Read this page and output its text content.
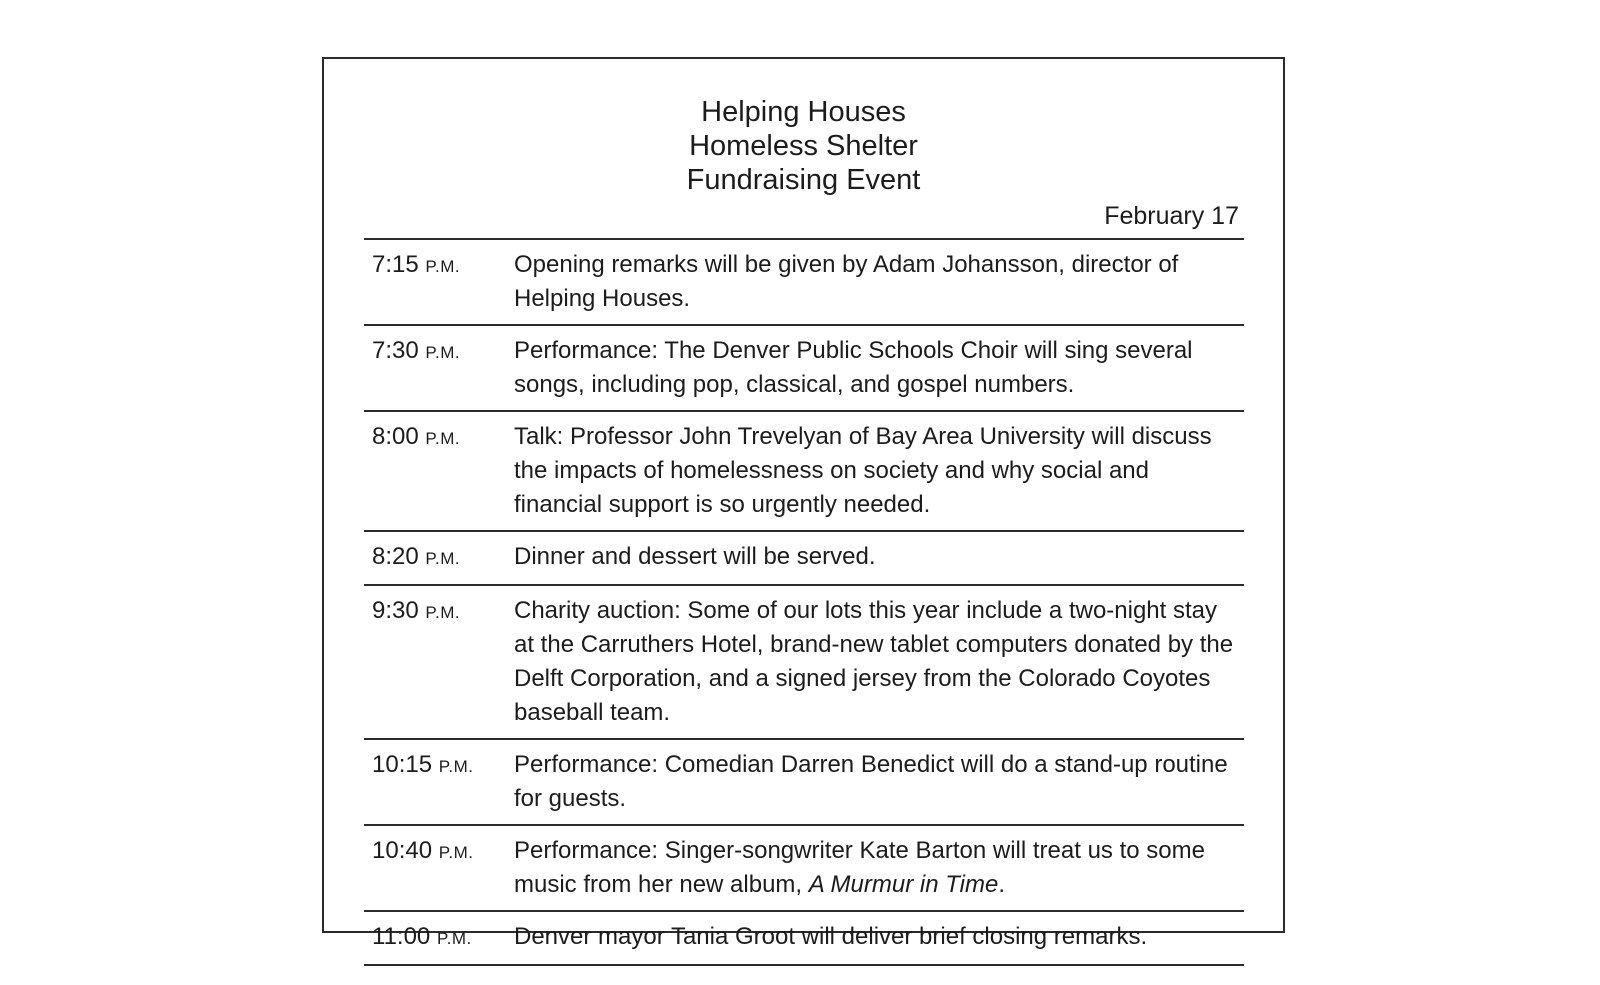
Helping Houses
Homeless Shelter
Fundraising Event
February 17
7:15 P.M.	Opening remarks will be given by Adam Johansson, director of Helping Houses.
7:30 P.M.	Performance: The Denver Public Schools Choir will sing several songs, including pop, classical, and gospel numbers.
8:00 P.M.	Talk: Professor John Trevelyan of Bay Area University will discuss the impacts of homelessness on society and why social and financial support is so urgently needed.
8:20 P.M.	Dinner and dessert will be served.
9:30 P.M.	Charity auction: Some of our lots this year include a two-night stay at the Carruthers Hotel, brand-new tablet computers donated by the Delft Corporation, and a signed jersey from the Colorado Coyotes baseball team.
10:15 P.M.	Performance: Comedian Darren Benedict will do a stand-up routine for guests.
10:40 P.M.	Performance: Singer-songwriter Kate Barton will treat us to some music from her new album, A Murmur in Time.
11:00 P.M.	Denver mayor Tania Groot will deliver brief closing remarks.
